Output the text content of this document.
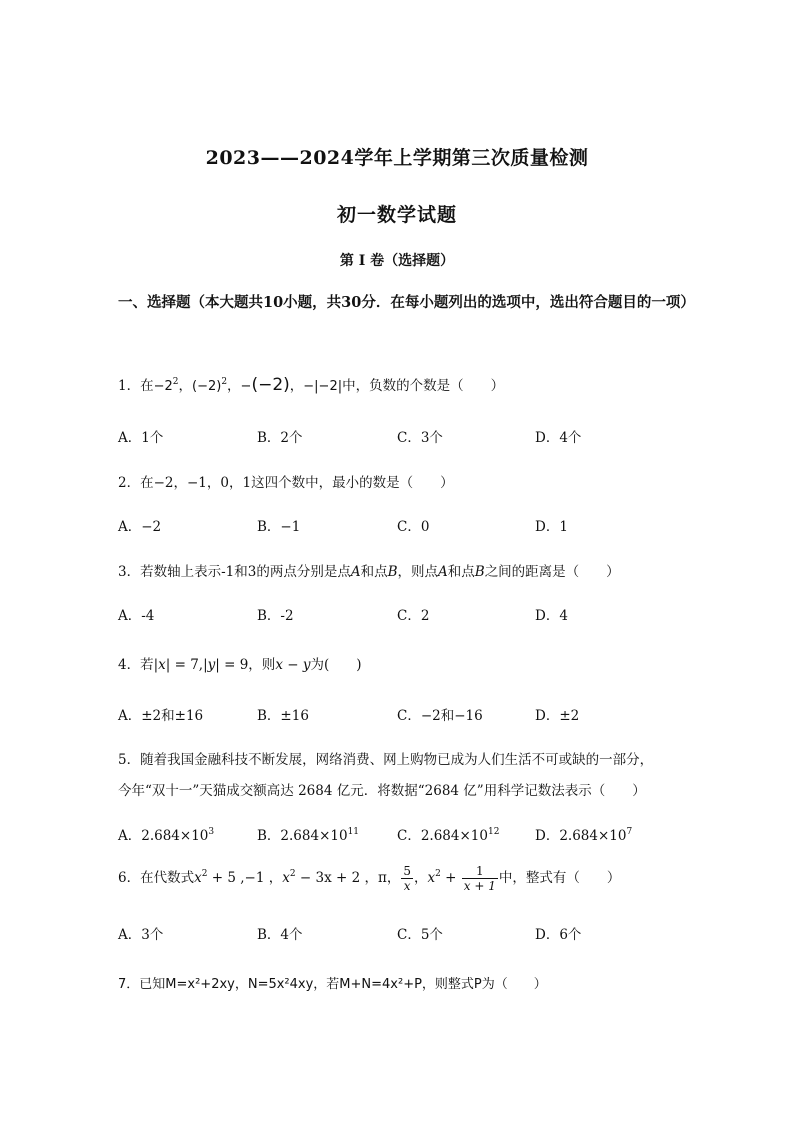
2023——2024学年上学期第三次质量检测
初一数学试题
第 I 卷（选择题）
一、选择题（本大题共10小题，共30分．在每小题列出的选项中，选出符合题目的一项）
1．在$-2^2$，$(-2)^2$，−(−2)，−|−2|中，负数的个数是（　　）
A．1个	B．2个	C．3个	D．4个
2．在−2，−1，0，1这四个数中，最小的数是（　　）
A．−2	B．−1	C．0	D．1
3．若数轴上表示-1和3的两点分别是点A和点B，则点A和点B之间的距离是（　　）
A．-4	B．-2	C．2	D．4
4．若|x| = 7,|y| = 9，则x − y为(　　)
A．±2和±16	B．±16	C．−2和−16	D．±2
5．随着我国金融科技不断发展，网络消费、网上购物已成为人们生活不可或缺的一部分，
今年“双十一”天猫成交额高达 2684 亿元．将数据“2684 亿”用科学记数法表示（　　）
A．$2.684\times 10^3$	B．$2.684\times 10^{11}$	C．$2.684\times 10^{12}$	D．$2.684\times 10^7$
6．在代数式$x^2 + 5$ ,−1 ，$x^2 - 3x + 2$ ，π， $\frac{5}{x}$ ，$x^2 + \frac{1}{x + 1}$ 中，整式有（　　）
A．3个	B．4个	C．5个	D．6个
7．已知M=x²+2xy，N=5x²4xy，若M+N=4x²+P，则整式P为（　　）
